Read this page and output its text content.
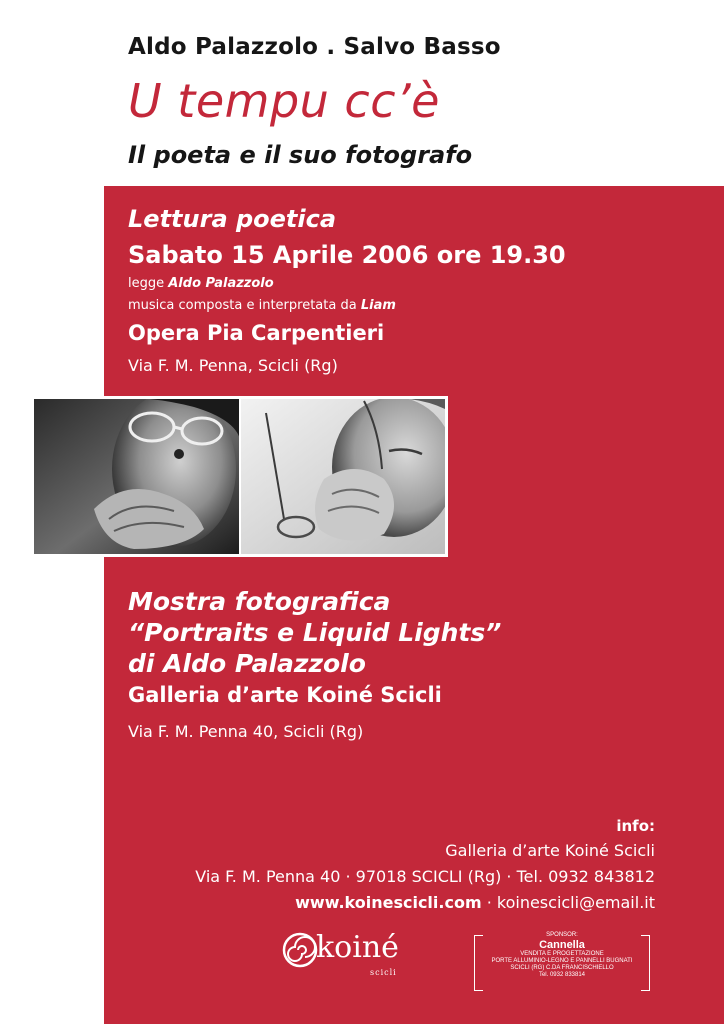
Aldo Palazzolo . Salvo Basso
U tempu cc’è
Il poeta e il suo fotografo
Lettura poetica
Sabato 15 Aprile 2006 ore 19.30
legge Aldo Palazzolo
musica composta e interpretata da Liam
Opera Pia Carpentieri
Via F. M. Penna, Scicli (Rg)
Mostra fotografica
“Portraits e Liquid Lights”
di Aldo Palazzolo
Galleria d’arte Koiné Scicli
Via F. M. Penna 40, Scicli (Rg)
info:
Galleria d’arte Koiné Scicli
Via F. M. Penna 40 · 97018 SCICLI (Rg) · Tel. 0932 843812
www.koinescicli.com · koinescicli@email.it
koiné
scicli
SPONSOR:
Cannella
VENDITA E PROGETTAZIONE
PORTE ALLUMINIO-LEGNO E PANNELLI BUGNATI
SCICLI (RG) C.DA FRANCISCHIELLO
Tel. 0932 833814
